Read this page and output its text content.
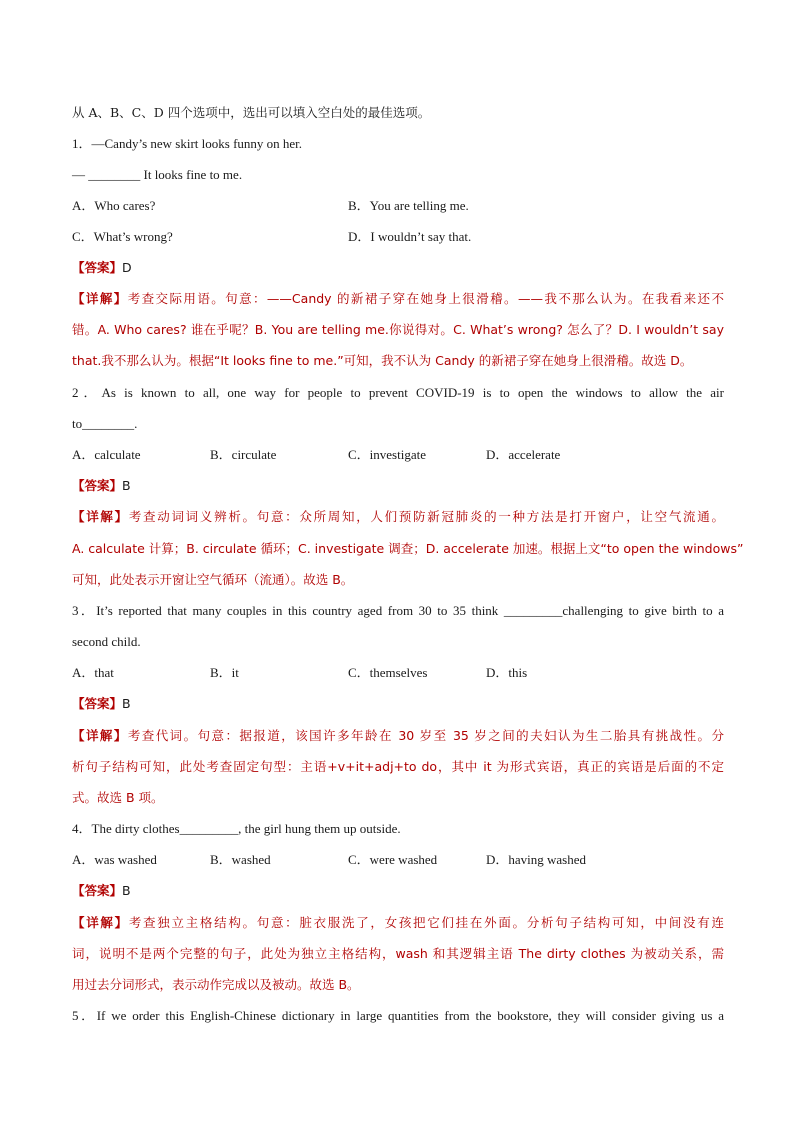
从 A、B、C、D 四个选项中，选出可以填入空白处的最佳选项。
1．—Candy’s new skirt looks funny on her.
— ________ It looks fine to me.
A．Who cares?	B．You are telling me.
C．What’s wrong?	D．I wouldn’t say that.
【答案】D
【详解】考查交际用语。句意：——Candy 的新裙子穿在她身上很滑稽。——我不那么认为。在我看来还不
错。A. Who cares? 谁在乎呢？B. You are telling me.你说得对。C. What’s wrong? 怎么了？D. I wouldn’t say
that.我不那么认为。根据“It looks fine to me.”可知，我不认为 Candy 的新裙子穿在她身上很滑稽。故选 D。
2．As is known to all, one way for people to prevent COVID-19 is to open the windows to allow the air
to________.
A．calculate	B．circulate	C．investigate	D．accelerate
【答案】B
【详解】考查动词词义辨析。句意：众所周知，人们预防新冠肺炎的一种方法是打开窗户，让空气流通。
A. calculate 计算；B. circulate 循环；C. investigate 调查；D. accelerate 加速。根据上文“to open the windows”
可知，此处表示开窗让空气循环（流通）。故选 B。
3．It’s reported that many couples in this country aged from 30 to 35 think _________challenging to give birth to a
second child.
A．that	B．it	C．themselves	D．this
【答案】B
【详解】考查代词。句意：据报道，该国许多年龄在 30 岁至 35 岁之间的夫妇认为生二胎具有挑战性。分
析句子结构可知，此处考查固定句型：主语+v+it+adj+to do，其中 it 为形式宾语，真正的宾语是后面的不定
式。故选 B 项。
4．The dirty clothes_________, the girl hung them up outside.
A．was washed	B．washed	C．were washed	D．having washed
【答案】B
【详解】考查独立主格结构。句意：脏衣服洗了，女孩把它们挂在外面。分析句子结构可知，中间没有连
词，说明不是两个完整的句子，此处为独立主格结构，wash 和其逻辑主语 The dirty clothes 为被动关系，需
用过去分词形式，表示动作完成以及被动。故选 B。
5．If we order this English-Chinese dictionary in large quantities from the bookstore, they will consider giving us a
